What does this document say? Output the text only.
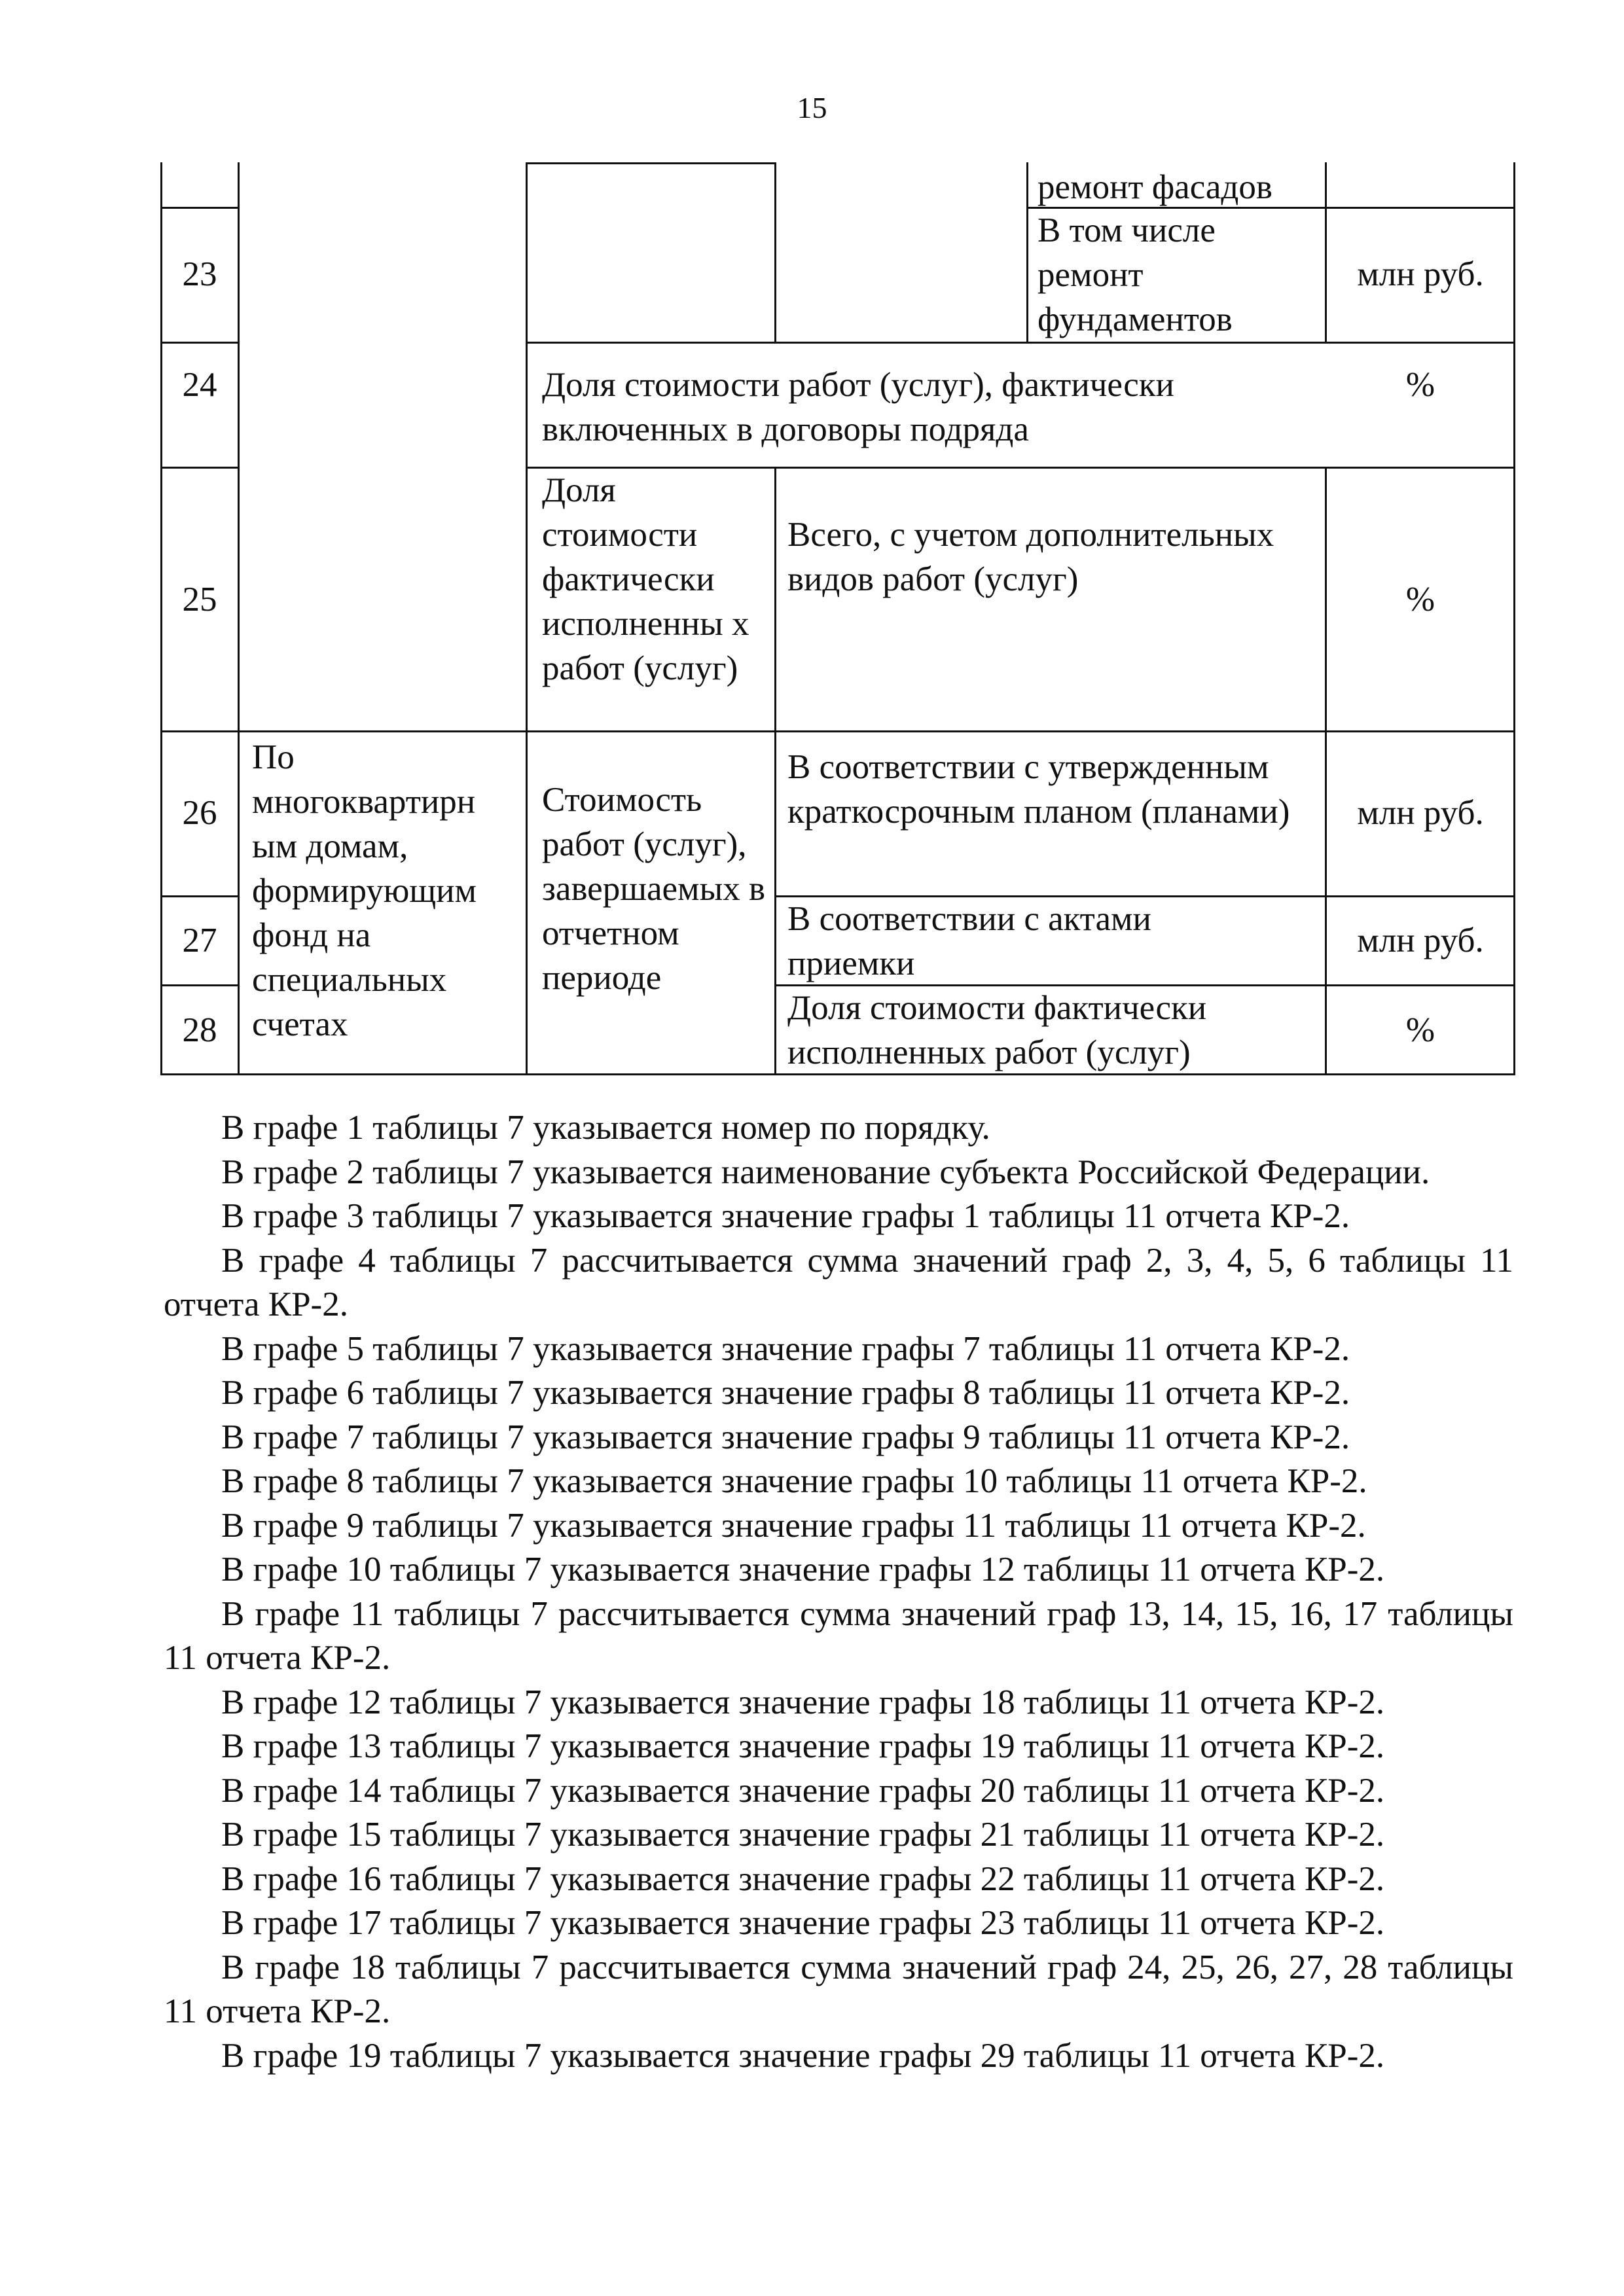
15
ремонт фасадов
23
В том числе ремонт фундаментов
млн руб.
24	Доля стоимости работ (услуг), фактически включенных в договоры подряда
%
25
Доля стоимости фактически исполненны х работ (услуг)
Всего, с учетом дополнительных видов работ (услуг)
%
По многоквартирн ым домам, формирующим фонд на специальных счетах
Стоимость работ (услуг), завершаемых в отчетном периоде
26
В соответствии с утвержденным краткосрочным планом (планами)	млн руб.
27
В соответствии с актами приемки
млн руб.
28
Доля стоимости фактически исполненных работ (услуг)
%

В графе 1 таблицы 7 указывается номер по порядку.

В графе 2 таблицы 7 указывается наименование субъекта Российской Федерации.

В графе 3 таблицы 7 указывается значение графы 1 таблицы 11 отчета КР-2.

В графе 4 таблицы 7 рассчитывается сумма значений граф 2, 3, 4, 5, 6 таблицы 11 отчета КР-2.

В графе 5 таблицы 7 указывается значение графы 7 таблицы 11 отчета КР-2.

В графе 6 таблицы 7 указывается значение графы 8 таблицы 11 отчета КР-2.

В графе 7 таблицы 7 указывается значение графы 9 таблицы 11 отчета КР-2.

В графе 8 таблицы 7 указывается значение графы 10 таблицы 11 отчета КР-2.

В графе 9 таблицы 7 указывается значение графы 11 таблицы 11 отчета КР-2.

В графе 10 таблицы 7 указывается значение графы 12 таблицы 11 отчета КР-2.

В графе 11 таблицы 7 рассчитывается сумма значений граф 13, 14, 15, 16, 17 таблицы 11 отчета КР-2.

В графе 12 таблицы 7 указывается значение графы 18 таблицы 11 отчета КР-2.

В графе 13 таблицы 7 указывается значение графы 19 таблицы 11 отчета КР-2.

В графе 14 таблицы 7 указывается значение графы 20 таблицы 11 отчета КР-2.

В графе 15 таблицы 7 указывается значение графы 21 таблицы 11 отчета КР-2.

В графе 16 таблицы 7 указывается значение графы 22 таблицы 11 отчета КР-2.

В графе 17 таблицы 7 указывается значение графы 23 таблицы 11 отчета КР-2.

В графе 18 таблицы 7 рассчитывается сумма значений граф 24, 25, 26, 27, 28 таблицы 11 отчета КР-2.

В графе 19 таблицы 7 указывается значение графы 29 таблицы 11 отчета КР-2.
